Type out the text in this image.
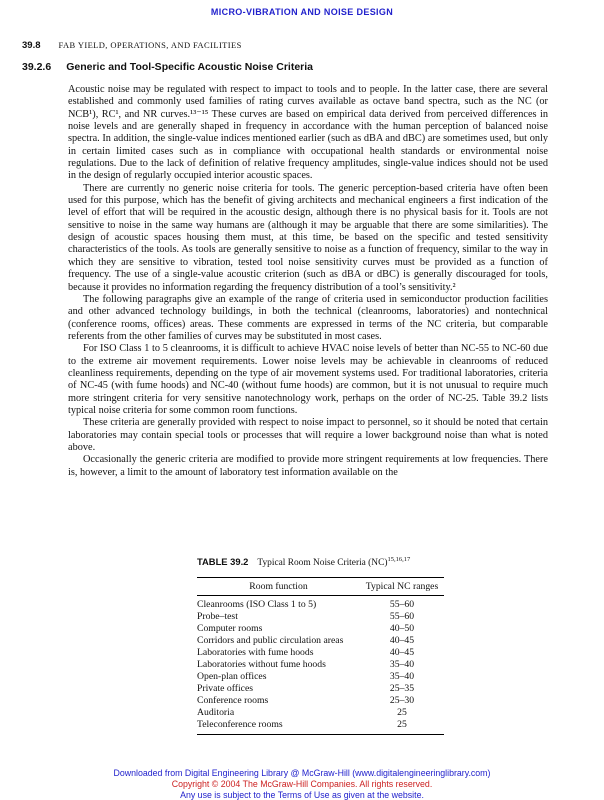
MICRO-VIBRATION AND NOISE DESIGN
39.8 FAB YIELD, OPERATIONS, AND FACILITIES
39.2.6 Generic and Tool-Specific Acoustic Noise Criteria

Acoustic noise may be regulated with respect to impact to tools and to people. In the latter case, there are several established and commonly used families of rating curves available as octave band spectra, such as the NC (or NCB¹), RC¹, and NR curves.¹³⁻¹⁵ These curves are based on empirical data derived from perceived differences in noise levels and are generally shaped in frequency in accordance with the human perception of balanced noise spectra. In addition, the single-value indices mentioned earlier (such as dBA and dBC) are sometimes used, but only in certain limited cases such as in compliance with occupational health standards or environmental noise regulations. Due to the lack of definition of relative frequency amplitudes, single-value indices should not be used in the design of regularly occupied interior acoustic spaces.

There are currently no generic noise criteria for tools. The generic perception-based criteria have often been used for this purpose, which has the benefit of giving architects and mechanical engineers a first indication of the level of effort that will be required in the acoustic design, although there is no physical basis for it. Tools are not sensitive to noise in the same way humans are (although it may be arguable that there are some similarities). The design of acoustic spaces housing them must, at this time, be based on the specific and tested sensitivity characteristics of the tools. As tools are generally sensitive to noise as a function of frequency, similar to the way in which they are sensitive to vibration, tested tool noise sensitivity curves must be provided as a function of frequency. The use of a single-value acoustic criterion (such as dBA or dBC) is generally discouraged for tools, because it provides no information regarding the frequency distribution of a tool’s sensitivity.²

The following paragraphs give an example of the range of criteria used in semiconductor production facilities and other advanced technology buildings, in both the technical (cleanrooms, laboratories) and nontechnical (conference rooms, offices) areas. These comments are expressed in terms of the NC criteria, but comparable referents from the other families of curves may be substituted in most cases.

For ISO Class 1 to 5 cleanrooms, it is difficult to achieve HVAC noise levels of better than NC-55 to NC-60 due to the extreme air movement requirements. Lower noise levels may be achievable in cleanrooms of reduced cleanliness requirements, depending on the type of air movement systems used. For traditional laboratories, criteria of NC-45 (with fume hoods) and NC-40 (without fume hoods) are common, but it is not unusual to require much more stringent criteria for very sensitive nanotechnology work, perhaps on the order of NC-25. Table 39.2 lists typical noise criteria for some common room functions.

These criteria are generally provided with respect to noise impact to personnel, so it should be noted that certain laboratories may contain special tools or processes that will require a lower background noise than what is noted above.

Occasionally the generic criteria are modified to provide more stringent requirements at low frequencies. There is, however, a limit to the amount of laboratory test information available on the

TABLE 39.2 Typical Room Noise Criteria (NC)$^{15,16,17}$
Room function	Typical NC ranges
Cleanrooms (ISO Class 1 to 5)	55–60
Probe–test	55–60
Computer rooms	40–50
Corridors and public circulation areas	40–45
Laboratories with fume hoods	40–45
Laboratories without fume hoods	35–40
Open-plan offices	35–40
Private offices	25–35
Conference rooms	25–30
Auditoria	25
Teleconference rooms	25
Downloaded from Digital Engineering Library @ McGraw-Hill (www.digitalengineeringlibrary.com)
Copyright © 2004 The McGraw-Hill Companies. All rights reserved.
Any use is subject to the Terms of Use as given at the website.
